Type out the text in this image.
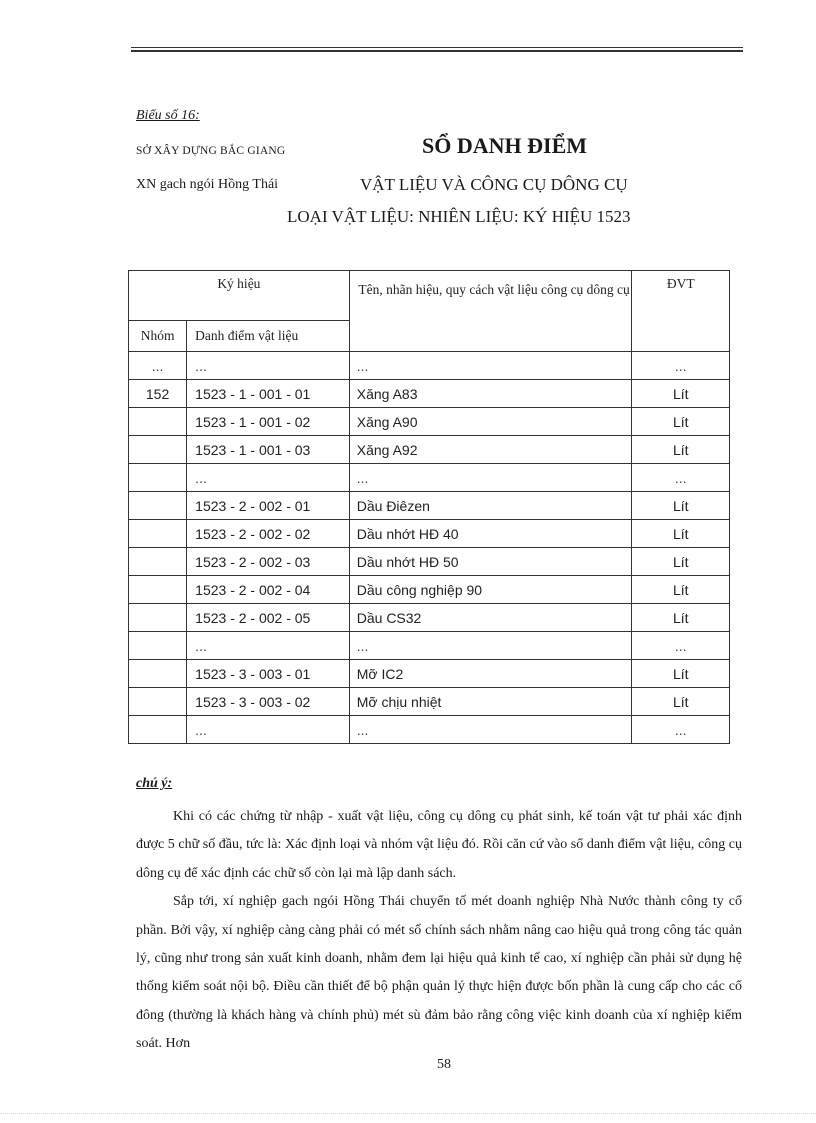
Biểu số 16:
SỞ XÂY DỰNG BẮC GIANG	SỔ DANH ĐIỂM
XN gach ngói Hồng Thái	VẬT LIỆU VÀ CÔNG CỤ DÔNG CỤ
LOẠI VẬT LIỆU: NHIÊN LIỆU: KÝ HIỆU 1523
Ký hiệu		Tên, nhãn hiệu, quy cách vật liệu công cụ dông cụ	ĐVT
Nhóm	Danh điểm vật liệu		
...	...	...	...
152	1523 - 1 - 001 - 01	Xăng A83	Lít
	1523 - 1 - 001 - 02	Xăng A90	Lít
	1523 - 1 - 001 - 03	Xăng A92	Lít
	...	...	...
	1523 - 2 - 002 - 01	Dầu Điêzen	Lít
	1523 - 2 - 002 - 02	Dầu nhớt HĐ 40	Lít
	1523 - 2 - 002 - 03	Dầu nhớt HĐ 50	Lít
	1523 - 2 - 002 - 04	Dầu công nghiệp 90	Lít
	1523 - 2 - 002 - 05	Dầu CS32	Lít
	...	...	...
	1523 - 3 - 003 - 01	Mỡ IC2	Lít
	1523 - 3 - 003 - 02	Mỡ chịu nhiệt	Lít
	...	...	...
chú ý:

Khi có các chứng từ nhập - xuất vật liệu, công cụ dông cụ phát sinh, kế toán vật tư phải xác định được 5 chữ số đầu, tức là: Xác định loại và nhóm vật liệu đó. Rồi căn cứ vào sổ danh điểm vật liệu, công cụ dông cụ để xác định các chữ số còn lại mà lập danh sách.

Sắp tới, xí nghiệp gach ngói Hồng Thái chuyển tố mét doanh nghiệp Nhà Nước thành công ty cổ phần. Bởi vậy, xí nghiệp càng càng phải có mét số chính sách nhằm nâng cao hiệu quả trong công tác quản lý, cũng như trong sản xuất kinh doanh, nhằm đem lại hiệu quả kinh tế cao, xí nghiệp cần phải sử dụng hệ thống kiểm soát nội bộ. Điều cần thiết để bộ phận quản lý thực hiện được bốn phần là cung cấp cho các cổ đông (thường là khách hàng và chính phủ) mét sù đảm bảo rằng công việc kinh doanh của xí nghiệp kiểm soát. Hơn

58
